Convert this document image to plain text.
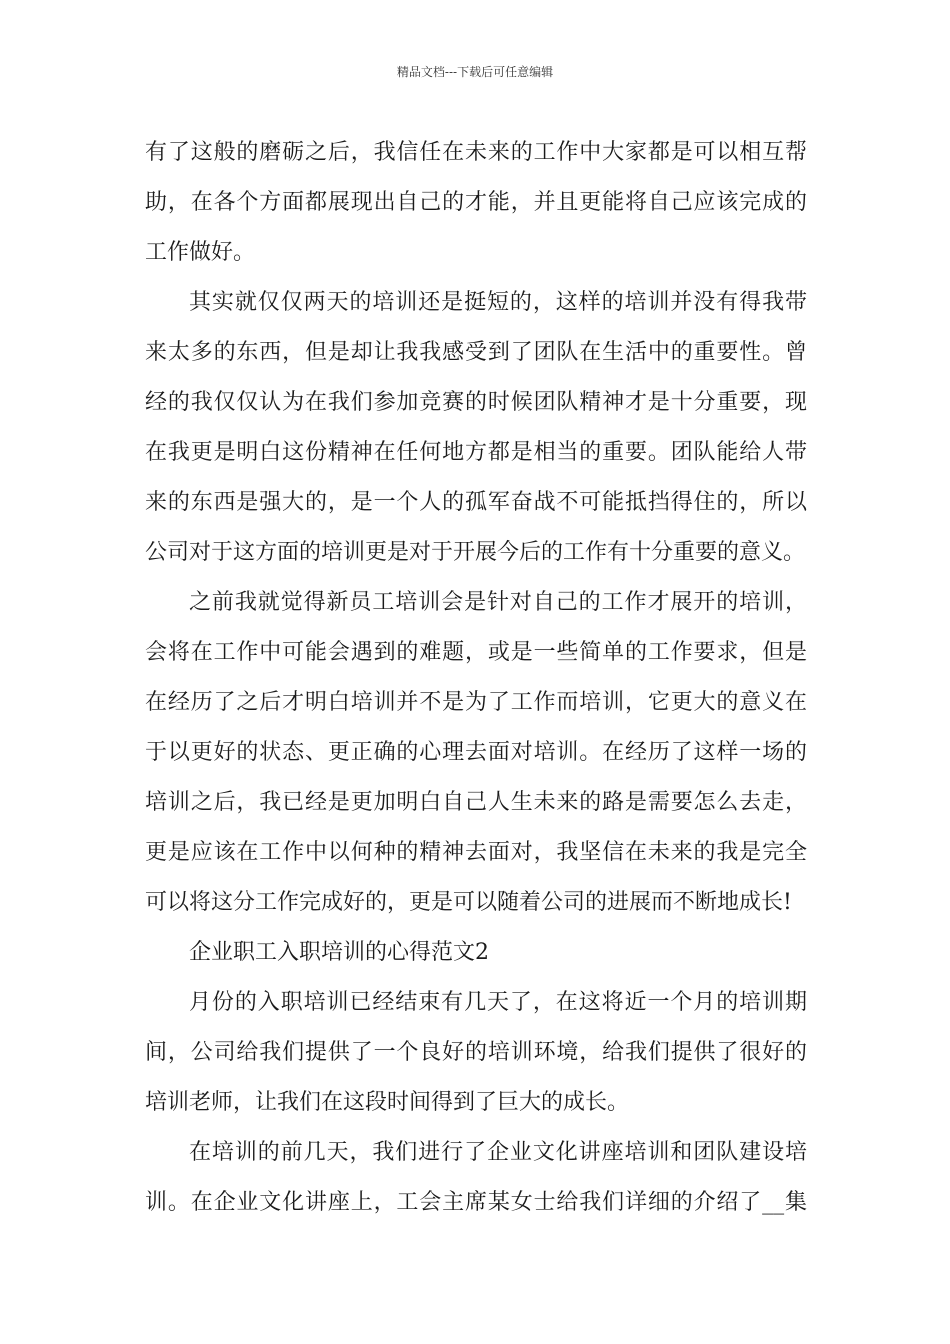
精品文档---下载后可任意编辑
有了这般的磨砺之后，我信任在未来的工作中大家都是可以相互帮
助，在各个方面都展现出自己的才能，并且更能将自己应该完成的
工作做好。
其实就仅仅两天的培训还是挺短的，这样的培训并没有得我带
来太多的东西，但是却让我我感受到了团队在生活中的重要性。曾
经的我仅仅认为在我们参加竞赛的时候团队精神才是十分重要，现
在我更是明白这份精神在任何地方都是相当的重要。团队能给人带
来的东西是强大的，是一个人的孤军奋战不可能抵挡得住的，所以
公司对于这方面的培训更是对于开展今后的工作有十分重要的意义。
之前我就觉得新员工培训会是针对自己的工作才展开的培训，
会将在工作中可能会遇到的难题，或是一些简单的工作要求，但是
在经历了之后才明白培训并不是为了工作而培训，它更大的意义在
于以更好的状态、更正确的心理去面对培训。在经历了这样一场的
培训之后，我已经是更加明白自己人生未来的路是需要怎么去走，
更是应该在工作中以何种的精神去面对，我坚信在未来的我是完全
可以将这分工作完成好的，更是可以随着公司的进展而不断地成长!
企业职工入职培训的心得范文2
月份的入职培训已经结束有几天了，在这将近一个月的培训期
间，公司给我们提供了一个良好的培训环境，给我们提供了很好的
培训老师，让我们在这段时间得到了巨大的成长。
在培训的前几天，我们进行了企业文化讲座培训和团队建设培
训。在企业文化讲座上，工会主席某女士给我们详细的介绍了__集
